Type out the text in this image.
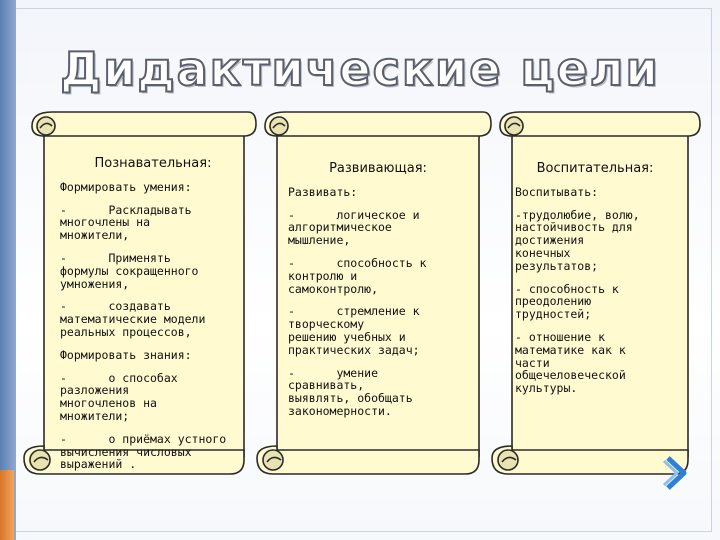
Дидактические цели
Познавательная:
Формировать умения:
-      Раскладывать
многочлены на
множители,
-      Применять
формулы сокращенного
умножения,
-      создавать
математические модели
реальных процессов,
Формировать знания:
-      о способах
разложения
многочленов на
множители;
-      о приёмах устного
вычисления числовых
выражений .
Развивающая:
Развивать:
-      логическое и
алгоритмическое
мышление,
-      способность к
контролю и
самоконтролю,
-      стремление к
творческому
решению учебных и
практических задач;
-      умение
сравнивать,
выявлять, обобщать
закономерности.
Воспитательная:
Воспитывать:
-трудолюбие, волю,
настойчивость для
достижения
конечных
результатов;
- способность к
преодолению
трудностей;
- отношение к
математике как к
части
общечеловеческой
культуры.
